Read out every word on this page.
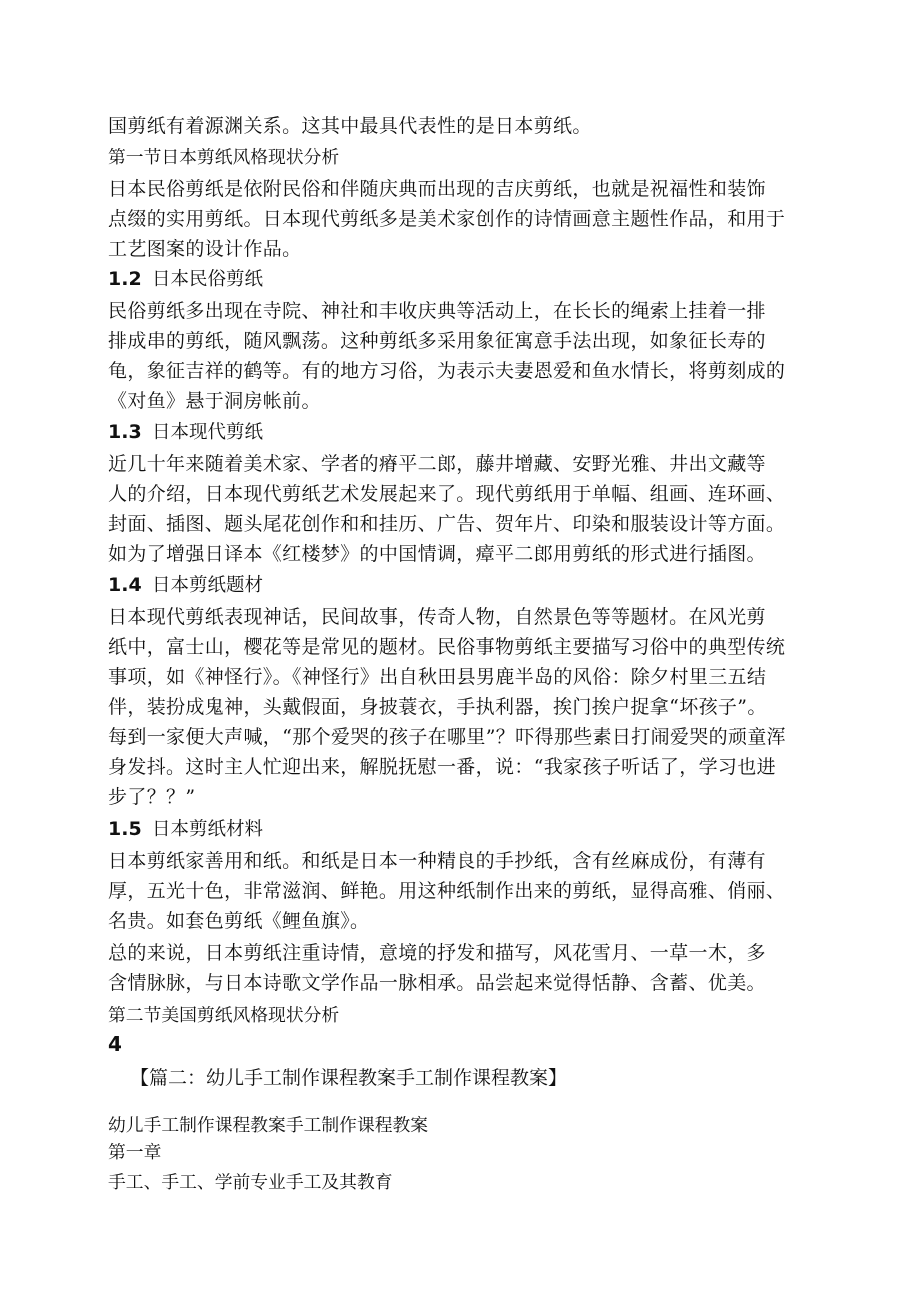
国剪纸有着源渊关系。这其中最具代表性的是日本剪纸。
第一节日本剪纸风格现状分析
日本民俗剪纸是依附民俗和伴随庆典而出现的吉庆剪纸，也就是祝福性和装饰
点缀的实用剪纸。日本现代剪纸多是美术家创作的诗情画意主题性作品，和用于
工艺图案的设计作品。
1.2 日本民俗剪纸
民俗剪纸多出现在寺院、神社和丰收庆典等活动上，在长长的绳索上挂着一排
排成串的剪纸，随风飘荡。这种剪纸多采用象征寓意手法出现，如象征长寿的
龟，象征吉祥的鹤等。有的地方习俗，为表示夫妻恩爱和鱼水情长，将剪刻成的
《对鱼》悬于洞房帐前。
1.3 日本现代剪纸
近几十年来随着美术家、学者的瘠平二郎，藤井增藏、安野光雅、井出文藏等
人的介绍，日本现代剪纸艺术发展起来了。现代剪纸用于单幅、组画、连环画、
封面、插图、题头尾花创作和和挂历、广告、贺年片、印染和服装设计等方面。
如为了增强日译本《红楼梦》的中国情调，瘴平二郎用剪纸的形式进行插图。
1.4 日本剪纸题材
日本现代剪纸表现神话，民间故事，传奇人物，自然景色等等题材。在风光剪
纸中，富士山，樱花等是常见的题材。民俗事物剪纸主要描写习俗中的典型传统
事项，如《神怪行》。《神怪行》出自秋田县男鹿半岛的风俗：除夕村里三五结
伴，装扮成鬼神，头戴假面，身披蓑衣，手执利器，挨门挨户捉拿“坏孩子”。
每到一家便大声喊，“那个爱哭的孩子在哪里”？吓得那些素日打闹爱哭的顽童浑
身发抖。这时主人忙迎出来，解脱抚慰一番，说：“我家孩子听话了，学习也进
步了？？”
1.5 日本剪纸材料
日本剪纸家善用和纸。和纸是日本一种精良的手抄纸，含有丝麻成份，有薄有
厚，五光十色，非常滋润、鲜艳。用这种纸制作出来的剪纸，显得高雅、俏丽、
名贵。如套色剪纸《鲤鱼旗》。
总的来说，日本剪纸注重诗情，意境的抒发和描写，风花雪月、一草一木，多
含情脉脉，与日本诗歌文学作品一脉相承。品尝起来觉得恬静、含蓄、优美。
第二节美国剪纸风格现状分析
4
【篇二：幼儿手工制作课程教案手工制作课程教案】
幼儿手工制作课程教案手工制作课程教案
第一章
手工、手工、学前专业手工及其教育
